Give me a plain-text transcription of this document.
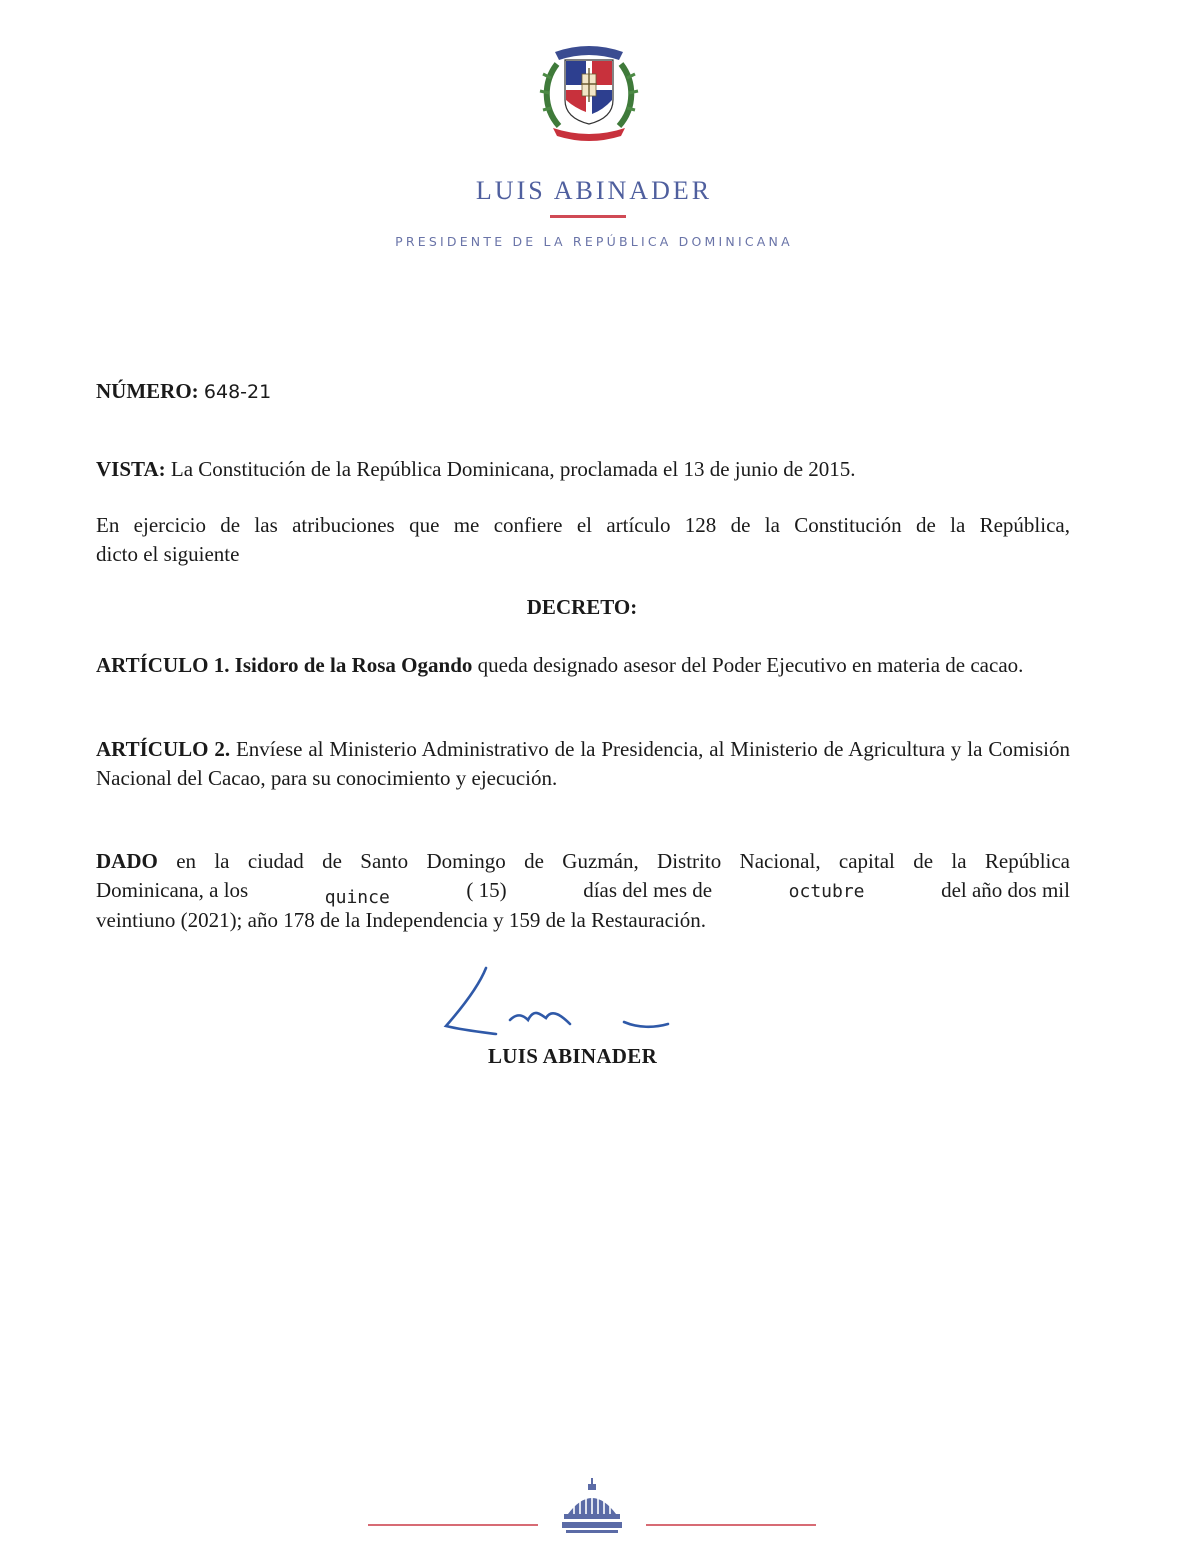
LUIS ABINADER
PRESIDENTE DE LA REPÚBLICA DOMINICANA
NÚMERO: 648-21
VISTA: La Constitución de la República Dominicana, proclamada el 13 de junio de 2015.
En ejercicio de las atribuciones que me confiere el artículo 128 de la Constitución de la República,
dicto el siguiente
DECRETO:
ARTÍCULO 1. Isidoro de la Rosa Ogando queda designado asesor del Poder Ejecutivo en materia de cacao.
ARTÍCULO 2. Envíese al Ministerio Administrativo de la Presidencia, al Ministerio de Agricultura y la Comisión Nacional del Cacao, para su conocimiento y ejecución.
DADO en la ciudad de Santo Domingo de Guzmán, Distrito Nacional, capital de la República
Dominicana, a los	quince	( 15)	días del mes de	octubre	del año dos mil
veintiuno (2021); año 178 de la Independencia y 159 de la Restauración.
LUIS ABINADER
